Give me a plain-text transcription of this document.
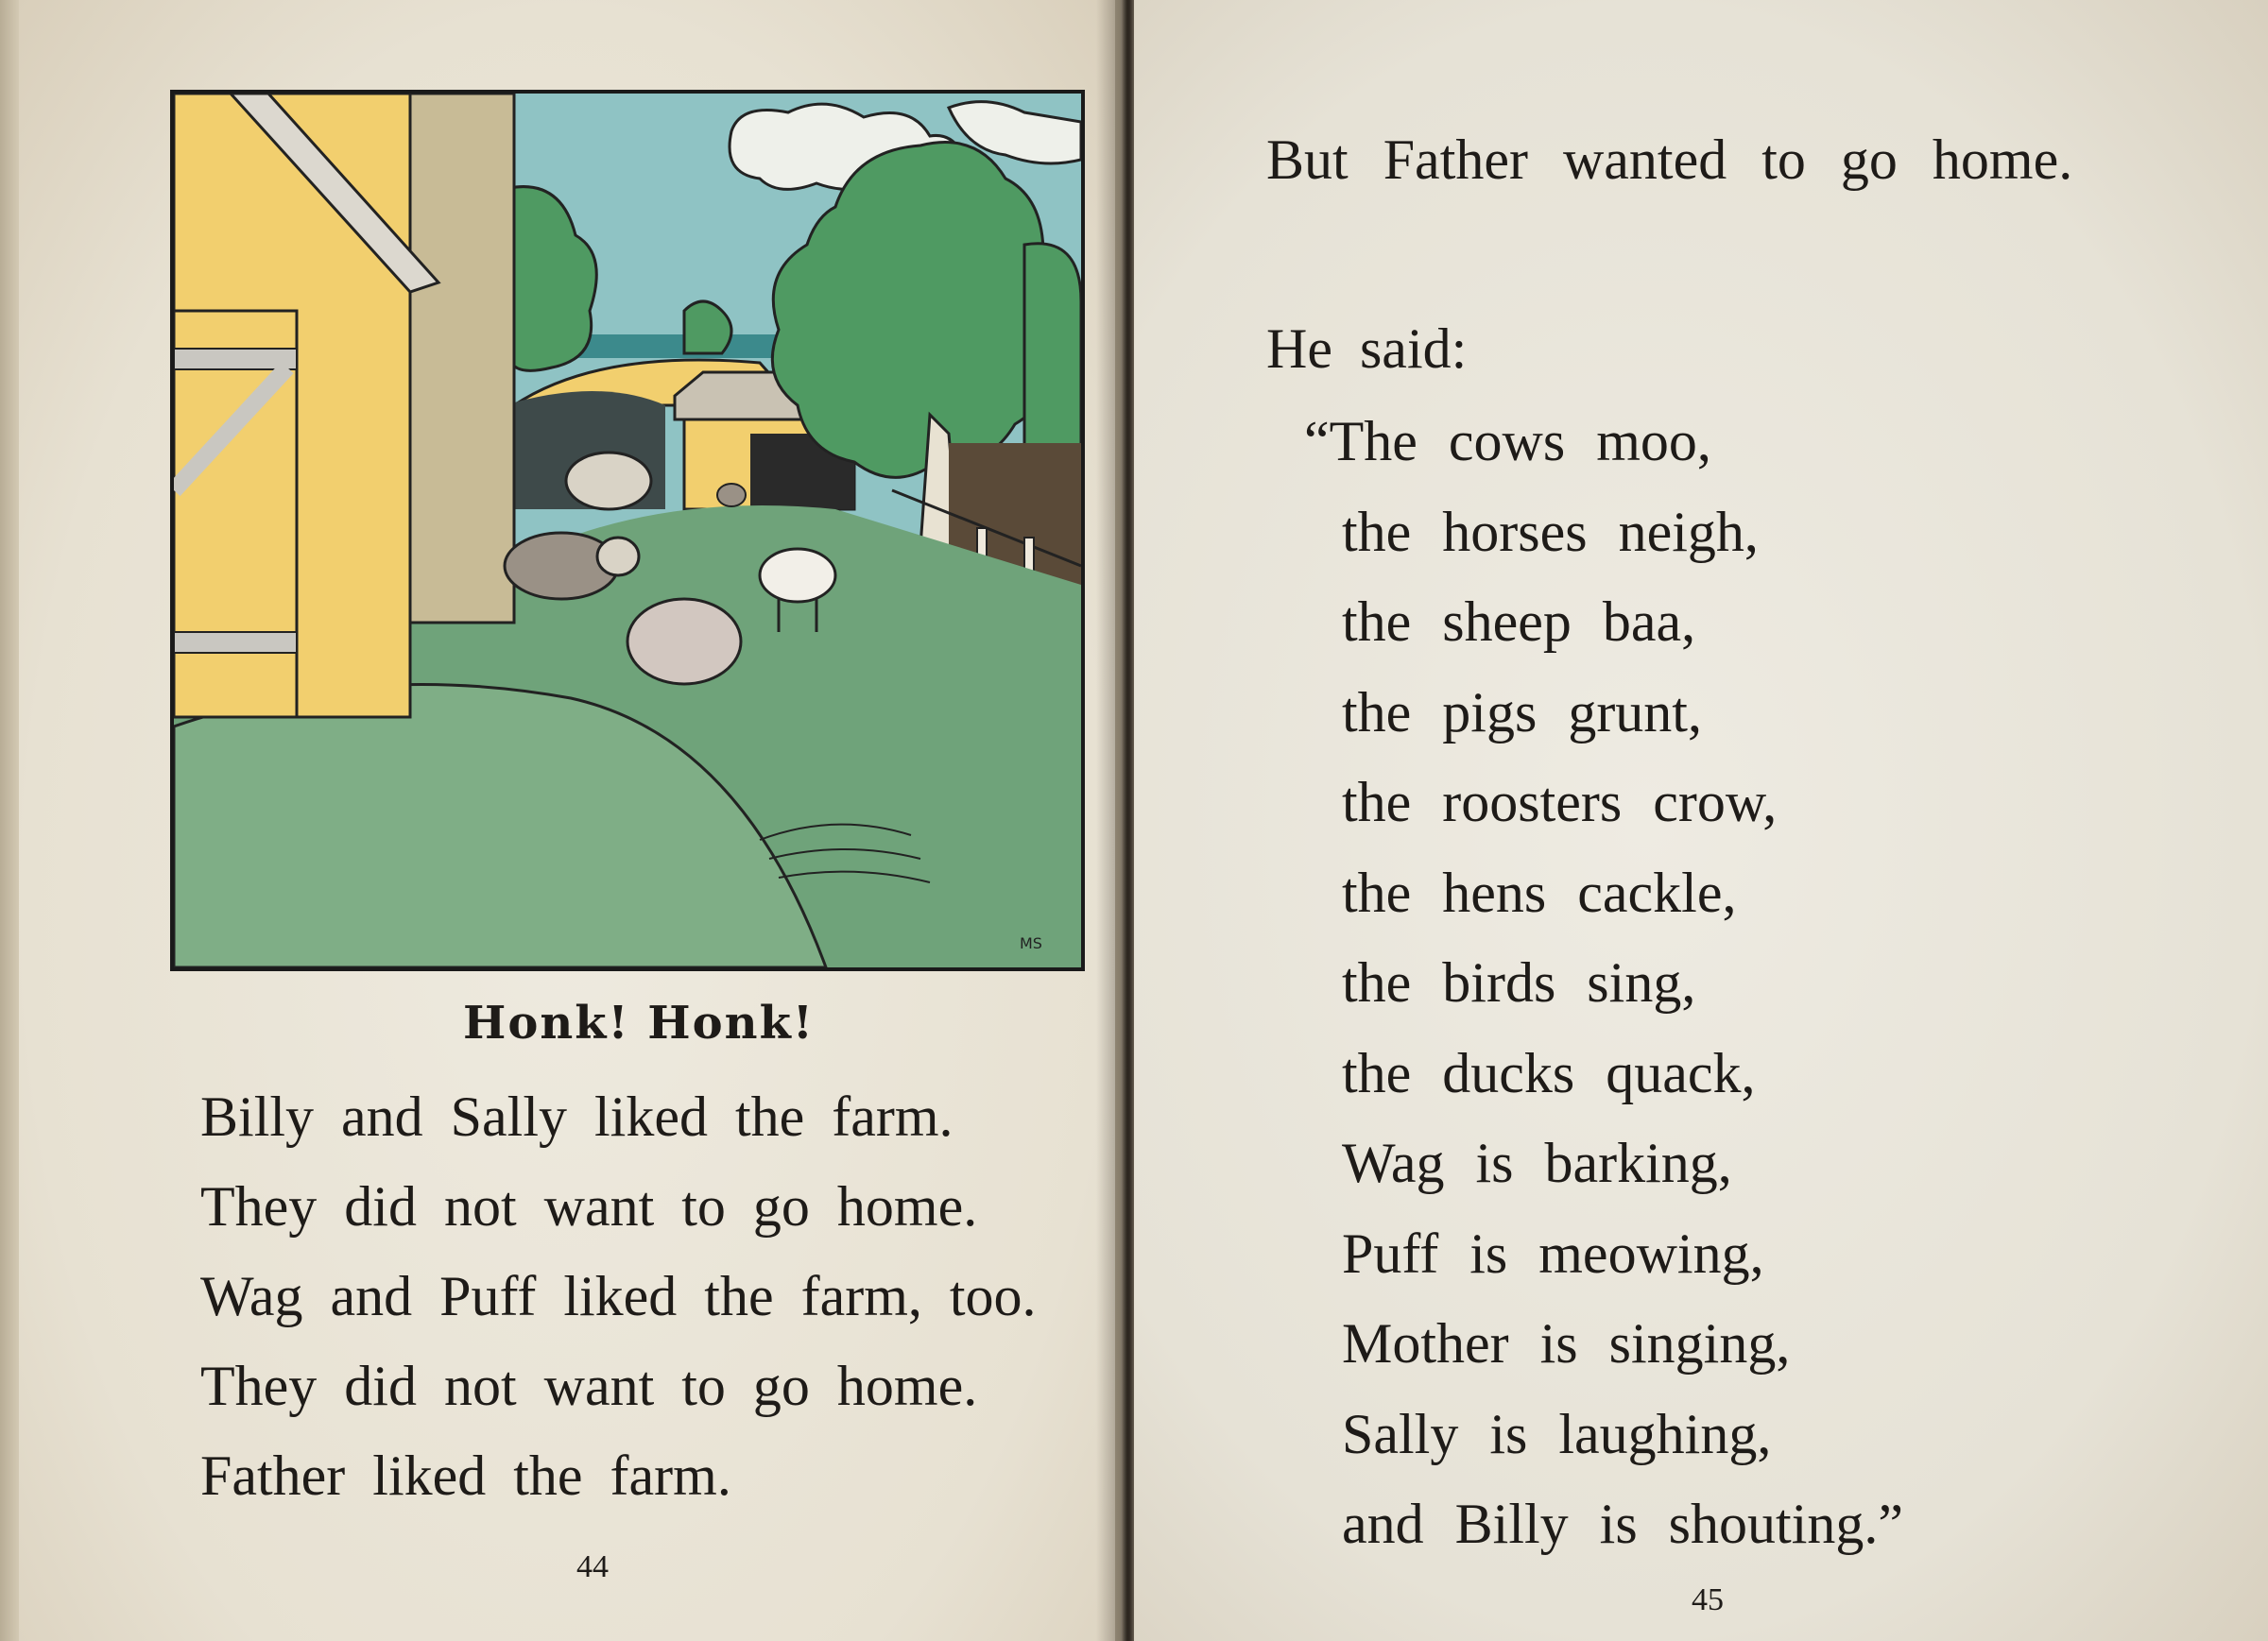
MS
Honk! Honk!
Billy and Sally liked the farm.
They did not want to go home.
Wag and Puff liked the farm, too.
They did not want to go home.
Father liked the farm.
44
But Father wanted to go home.
He said:
“The cows moo,
the horses neigh,
the sheep baa,
the pigs grunt,
the roosters crow,
the hens cackle,
the birds sing,
the ducks quack,
Wag is barking,
Puff is meowing,
Mother is singing,
Sally is laughing,
and Billy is shouting.”
45
